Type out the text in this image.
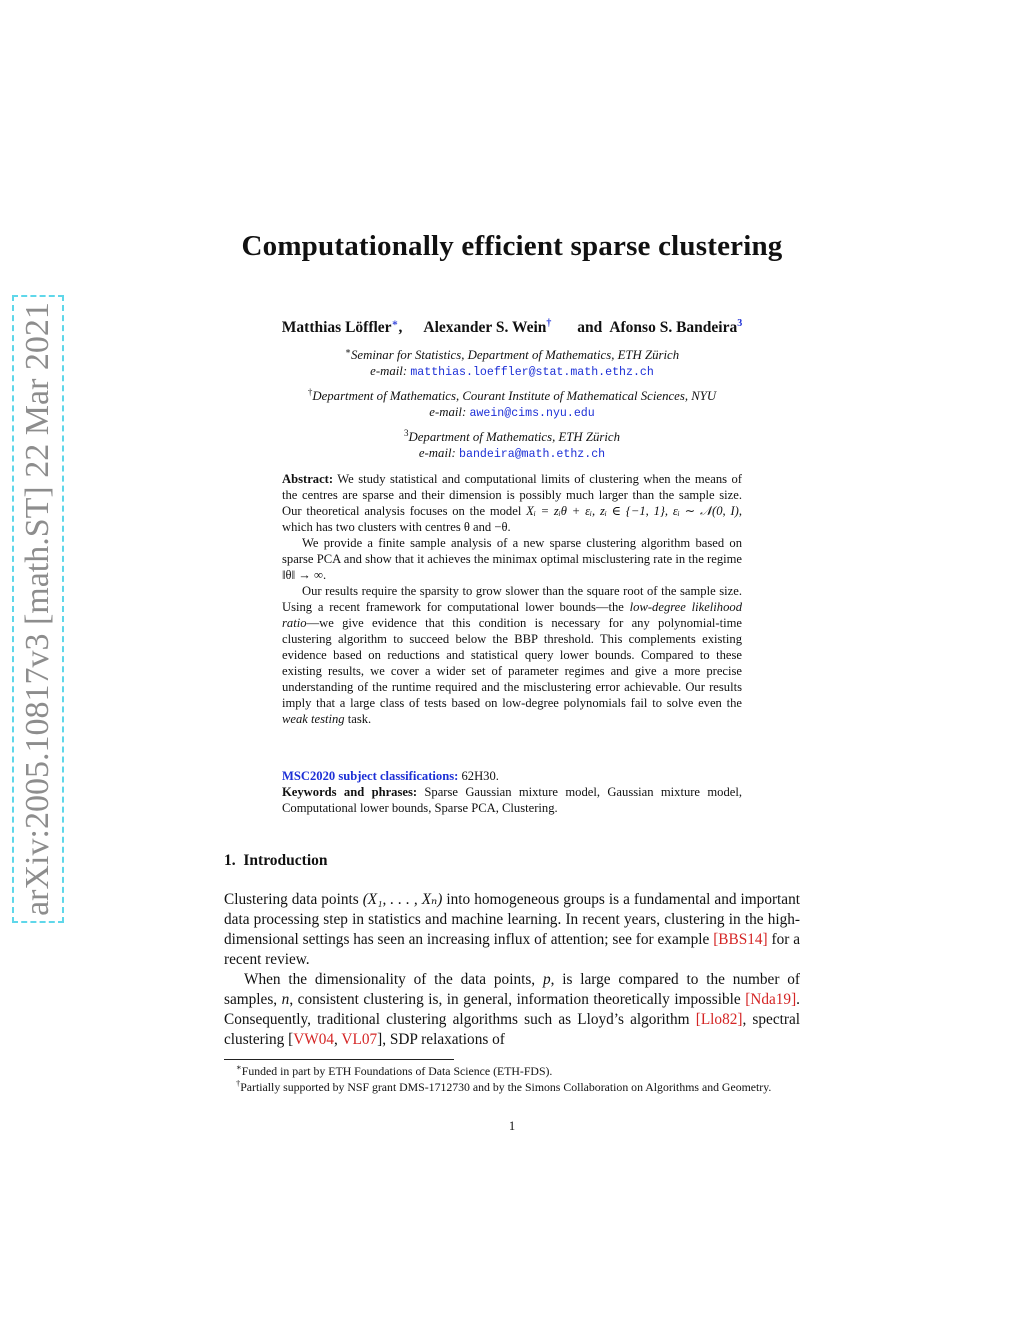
arXiv:2005.10817v3 [math.ST] 22 Mar 2021
Computationally efficient sparse clustering
Matthias Löffler∗, Alexander S. Wein† and Afonso S. Bandeira$^3$
∗Seminar for Statistics, Department of Mathematics, ETH Zürich
e-mail: matthias.loeffler@stat.math.ethz.ch
†Department of Mathematics, Courant Institute of Mathematical Sciences, NYU
e-mail: awein@cims.nyu.edu
$^3$Department of Mathematics, ETH Zürich
e-mail: bandeira@math.ethz.ch

Abstract: We study statistical and computational limits of clustering when the means of the centres are sparse and their dimension is possibly much larger than the sample size. Our theoretical analysis focuses on the model Xᵢ = zᵢθ + εᵢ, zᵢ ∈ {−1, 1}, εᵢ ∼ 𝒩(0, I), which has two clusters with centres θ and −θ.

We provide a finite sample analysis of a new sparse clustering algorithm based on sparse PCA and show that it achieves the minimax optimal misclustering rate in the regime ‖θ‖ → ∞.

Our results require the sparsity to grow slower than the square root of the sample size. Using a recent framework for computational lower bounds—the low-degree likelihood ratio—we give evidence that this condition is necessary for any polynomial-time clustering algorithm to succeed below the BBP threshold. This complements existing evidence based on reductions and statistical query lower bounds. Compared to these existing results, we cover a wider set of parameter regimes and give a more precise understanding of the runtime required and the misclustering error achievable. Our results imply that a large class of tests based on low-degree polynomials fail to solve even the weak testing task.

MSC2020 subject classifications: 62H30.

Keywords and phrases: Sparse Gaussian mixture model, Gaussian mixture model, Computational lower bounds, Sparse PCA, Clustering.

1. Introduction

Clustering data points (X₁, . . . , Xₙ) into homogeneous groups is a fundamental and important data processing step in statistics and machine learning. In recent years, clustering in the high-dimensional settings has seen an increasing influx of attention; see for example [BBS14] for a recent review.

When the dimensionality of the data points, p, is large compared to the number of samples, n, consistent clustering is, in general, information theoretically impossible [Nda19]. Consequently, traditional clustering algorithms such as Lloyd’s algorithm [Llo82], spectral clustering [VW04, VL07], SDP relaxations of

∗Funded in part by ETH Foundations of Data Science (ETH-FDS).

†Partially supported by NSF grant DMS-1712730 and by the Simons Collaboration on Algorithms and Geometry.

1
